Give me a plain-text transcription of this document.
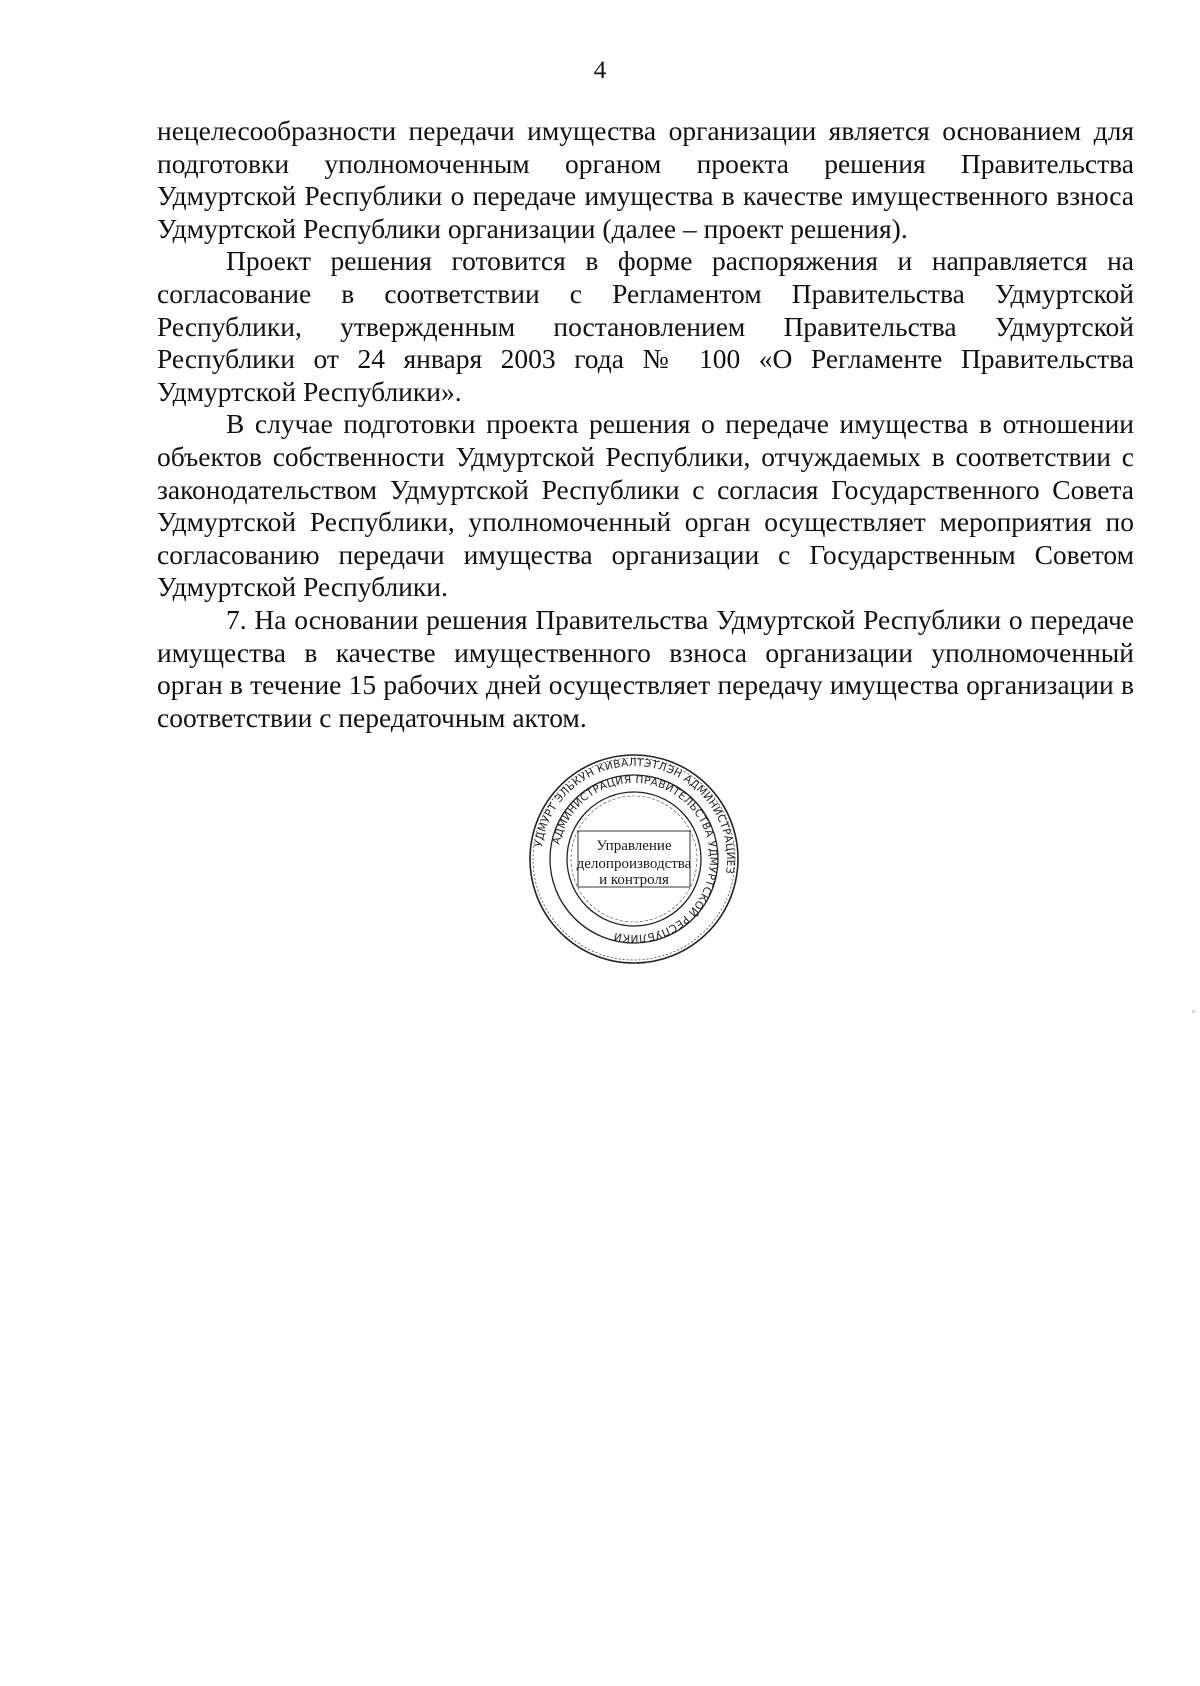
4

нецелесообразности передачи имущества организации является основанием для подготовки уполномоченным органом проекта решения Правительства Удмуртской Республики о передаче имущества в качестве имущественного взноса Удмуртской Республики организации (далее – проект решения).

Проект решения готовится в форме распоряжения и направляется на согласование в соответствии с Регламентом Правительства Удмуртской Республики, утвержденным постановлением Правительства Удмуртской Республики от 24 января 2003 года № 100 «О Регламенте Правительства Удмуртской Республики».

В случае подготовки проекта решения о передаче имущества в отношении объектов собственности Удмуртской Республики, отчуждаемых в соответствии с законодательством Удмуртской Республики с согласия Государственного Совета Удмуртской Республики, уполномоченный орган осуществляет мероприятия по согласованию передачи имущества организации с Государственным Советом Удмуртской Республики.

7. На основании решения Правительства Удмуртской Республики о передаче имущества в качестве имущественного взноса организации уполномоченный орган в течение 15 рабочих дней осуществляет передачу имущества организации в соответствии с передаточным актом.

УДМУРТ ЭЛЬКУН КИВАЛТЭТЛЭН АДМИНИСТРАЦИЕЗ
АДМИНИСТРАЦИЯ ПРАВИТЕЛЬСТВА УДМУРТСКОЙ РЕСПУБЛИКИ
Управление
делопроизводства
и контроля
